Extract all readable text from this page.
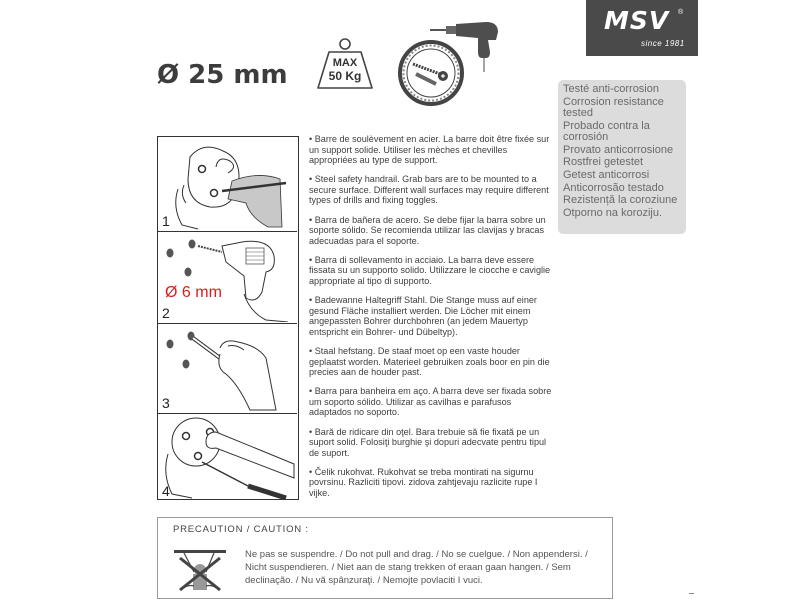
MSV ®
since 1981
Ø 25 mm	MAX
50 Kg
Testé anti-corrosion
Corrosion resistance tested
Probado contra la corrosión
Provato anticorrosione
Rostfrei getestet
Getest anticorrosi
Anticorrosão testado
Rezistență la coroziune
Otporno na koroziju.
1
Ø 6 mm
2
3
4

• Barre de soulèvement en acier. La barre doit être fixée sur un support solide. Utiliser les mèches et chevilles appropriées au type de support.

• Steel safety handrail. Grab bars are to be mounted to a secure surface. Different wall surfaces may require different types of drills and fixing toggles.

• Barra de bañera de acero. Se debe fijar la barra sobre un soporte sólido. Se recomienda utilizar las clavijas y bracas adecuadas para el soporte.

• Barra di sollevamento in acciaio. La barra deve essere fissata su un supporto solido. Utilizzare le ciocche e caviglie appropriate al tipo di supporto.

• Badewanne Haltegriff Stahl. Die Stange muss auf einer gesund Fläche installiert werden. Die Löcher mit einem angepassten Bohrer durchbohren (an jedem Mauertyp entspricht ein Bohrer- und Dübeltyp).

• Staal hefstang. De staaf moet op een vaste houder geplaatst worden. Materieel gebruiken zoals boor en pin die precies aan de houder past.

• Barra para banheira em aço. A barra deve ser fixada sobre um soporto sólido. Utilizar as cavilhas e parafusos adaptados no soporto.

• Bară de ridicare din oţel. Bara trebuie să fie fixată pe un suport solid. Folosiţi burghie şi dopuri adecvate pentru tipul de suport.

• Čelik rukohvat. Rukohvat se treba montirati na sigurnu povrsinu. Razliciti tipovi. zidova zahtjevaju razlicite rupe I vijke.

PRECAUTION / CAUTION :
Ne pas se suspendre. / Do not pull and drag. / No se cuelgue. / Non appendersi. / Nicht suspendieren. / Niet aan de stang trekken of eraan gaan hangen. / Sem declinação. / Nu vă spânzuraţi. / Nemojte povlaciti I vuci.
